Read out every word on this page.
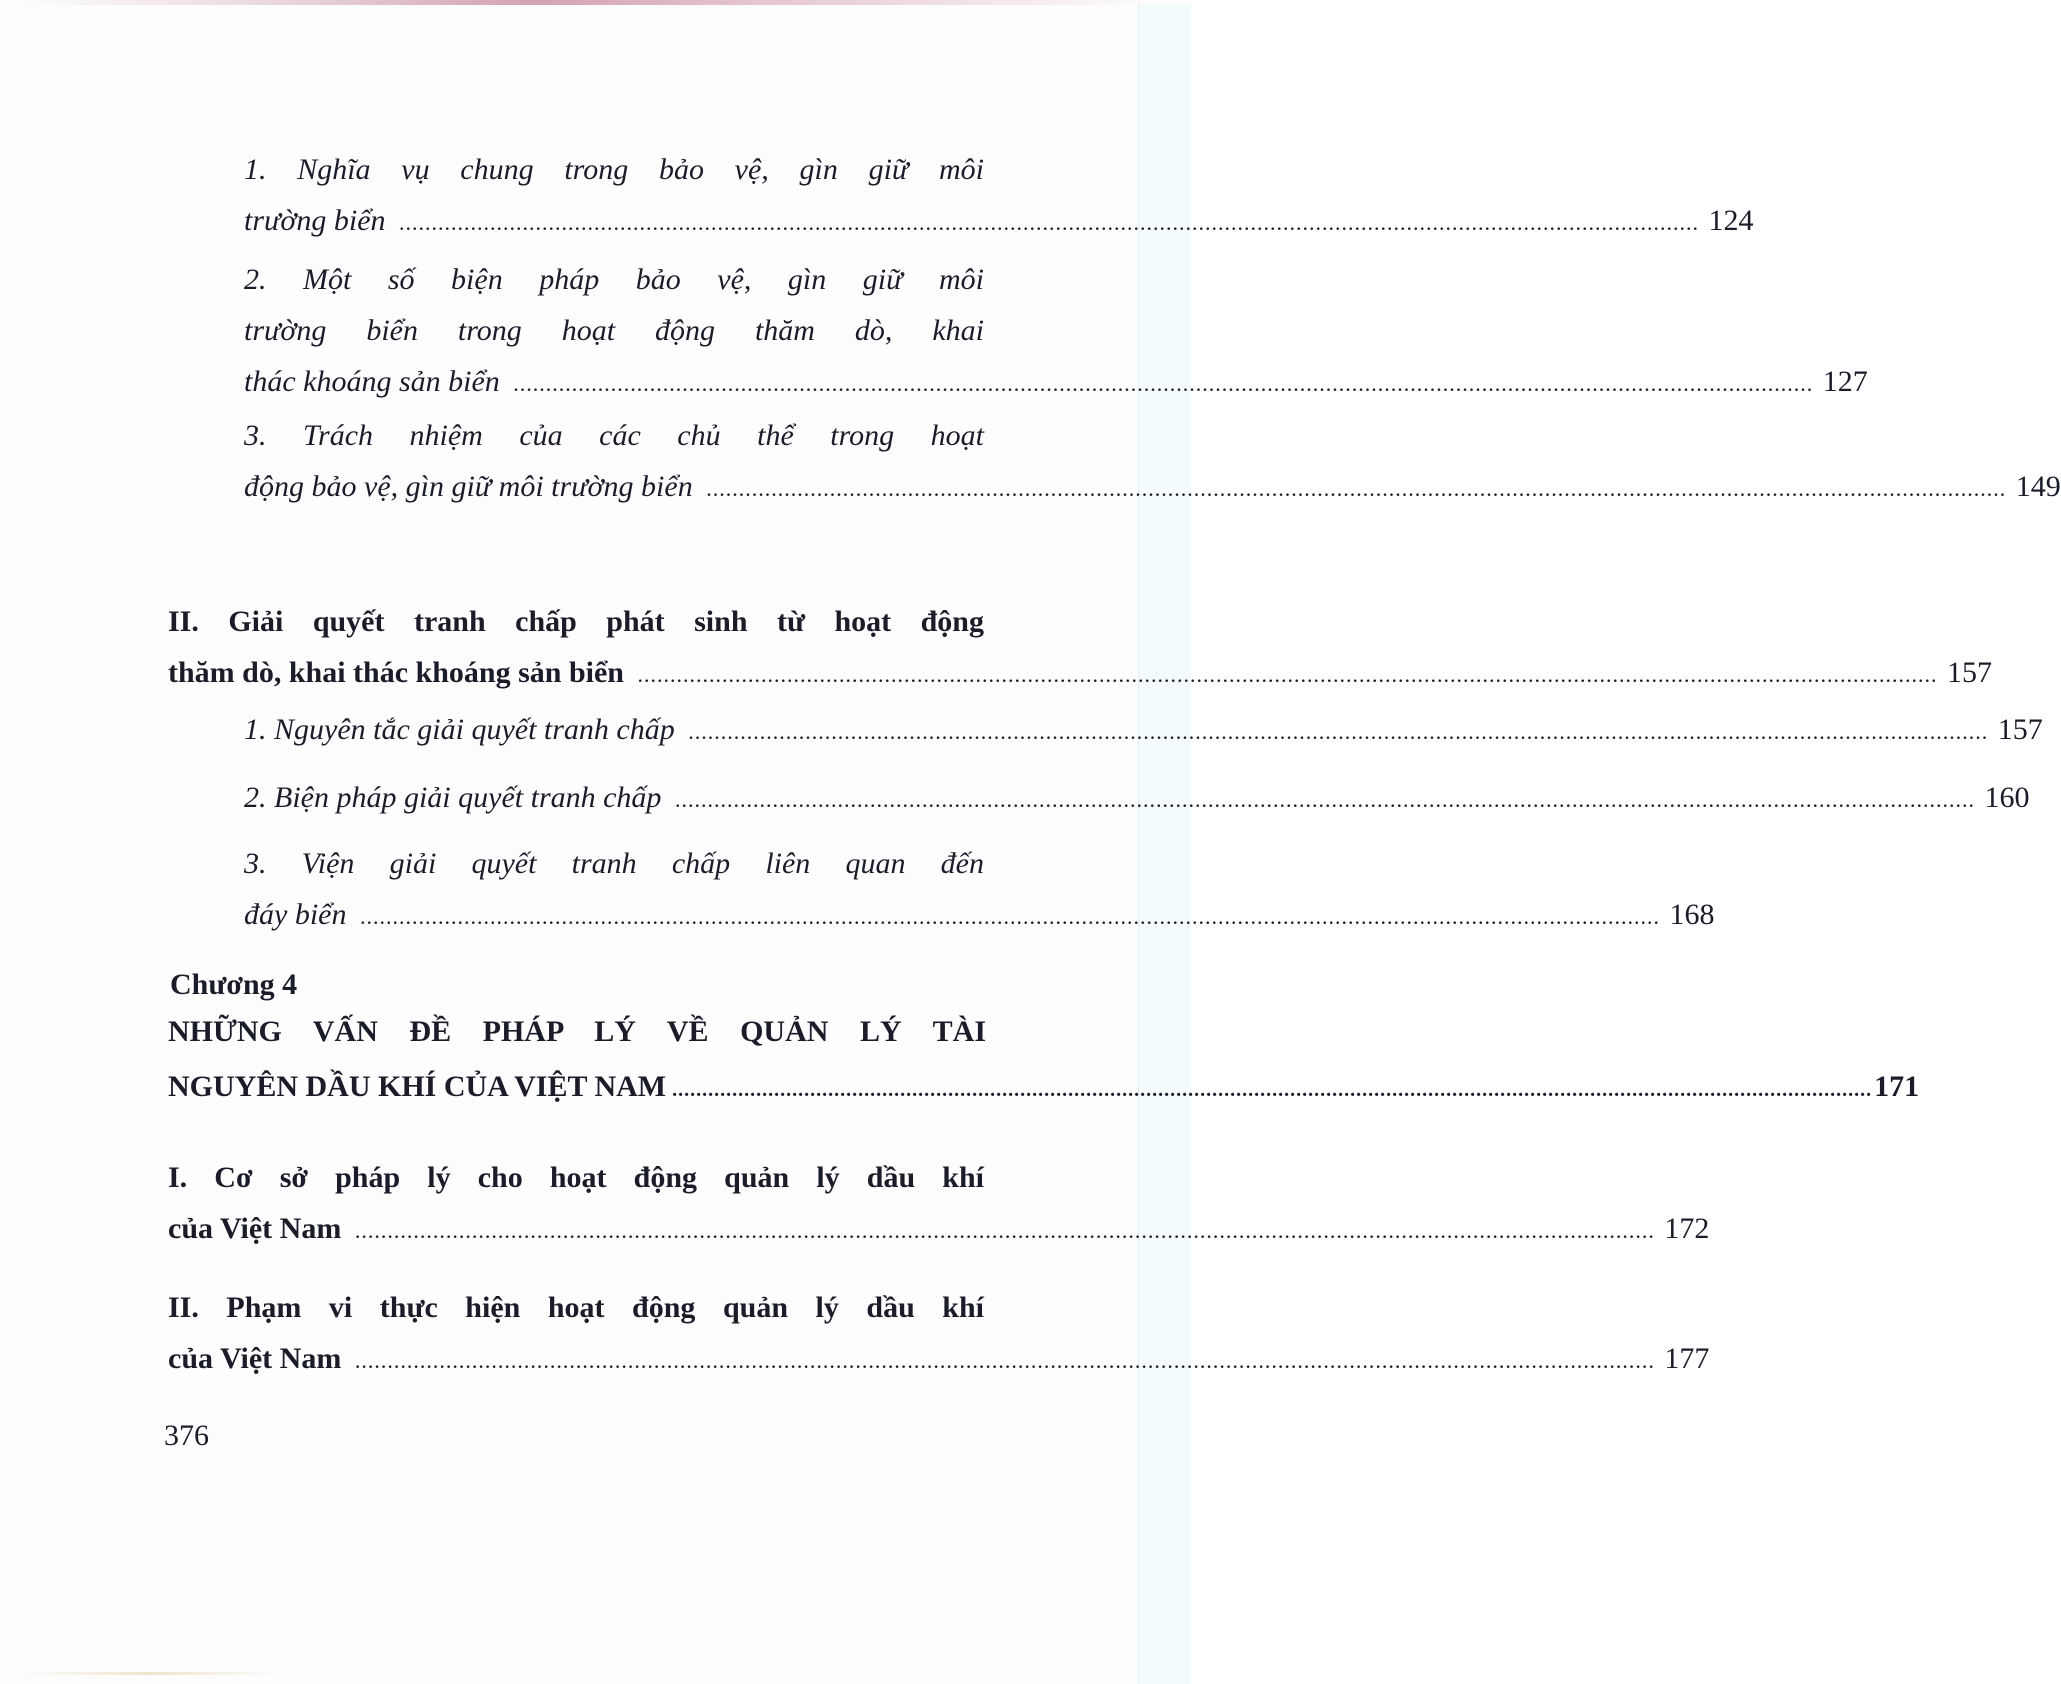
1. Nghĩa vụ chung trong bảo vệ, gìn giữ môi
trường biển .....	124
2. Một số biện pháp bảo vệ, gìn giữ môi
trường biển trong hoạt động thăm dò, khai
thác khoáng sản biển .....	127
3. Trách nhiệm của các chủ thể trong hoạt
động bảo vệ, gìn giữ môi trường biển .....	149
II. Giải quyết tranh chấp phát sinh từ hoạt động
thăm dò, khai thác khoáng sản biển .....	157
1. Nguyên tắc giải quyết tranh chấp .....	157
2. Biện pháp giải quyết tranh chấp .....	160
3. Viện giải quyết tranh chấp liên quan đến
đáy biển .....	168
Chương 4
NHỮNG VẤN ĐỀ PHÁP LÝ VỀ QUẢN LÝ TÀI
NGUYÊN DẦU KHÍ CỦA VIỆT NAM .....	171
I. Cơ sở pháp lý cho hoạt động quản lý dầu khí
của Việt Nam .....	172
II. Phạm vi thực hiện hoạt động quản lý dầu khí
của Việt Nam .....	177
376
